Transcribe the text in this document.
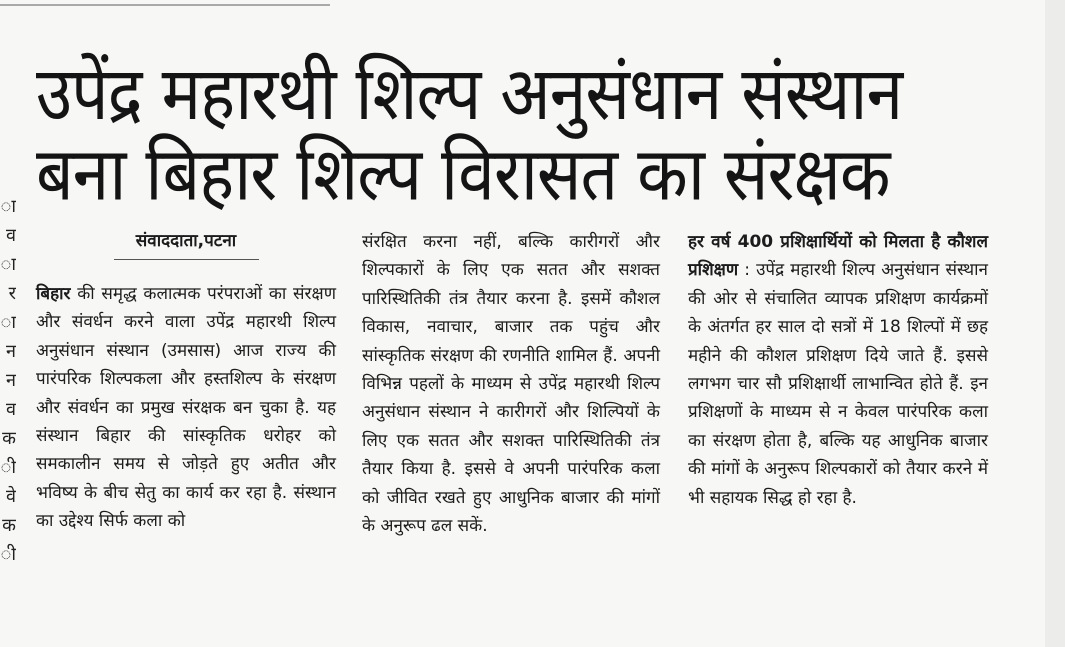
ा
व
ा
र
ा
न
न
व
क
ी
वे
क
ी
उपेंद्र महारथी शिल्प अनुसंधान संस्थान
बना बिहार शिल्प विरासत का संरक्षक
संवाददाता,पटना

बिहार की समृद्ध कलात्मक परंपराओं का संरक्षण और संवर्धन करने वाला उपेंद्र महारथी शिल्प अनुसंधान संस्थान (उमसास) आज राज्य की पारंपरिक शिल्पकला और हस्तशिल्प के संरक्षण और संवर्धन का प्रमुख संरक्षक बन चुका है. यह संस्थान बिहार की सांस्कृतिक धरोहर को समकालीन समय से जोड़ते हुए अतीत और भविष्य के बीच सेतु का कार्य कर रहा है. संस्थान का उद्देश्य सिर्फ कला को

संरक्षित करना नहीं, बल्कि कारीगरों और शिल्पकारों के लिए एक सतत और सशक्त पारिस्थितिकी तंत्र तैयार करना है. इसमें कौशल विकास, नवाचार, बाजार तक पहुंच और सांस्कृतिक संरक्षण की रणनीति शामिल हैं. अपनी विभिन्न पहलों के माध्यम से उपेंद्र महारथी शिल्प अनुसंधान संस्थान ने कारीगरों और शिल्पियों के लिए एक सतत और सशक्त पारिस्थितिकी तंत्र तैयार किया है. इससे वे अपनी पारंपरिक कला को जीवित रखते हुए आधुनिक बाजार की मांगों के अनुरूप ढल सकें.

हर वर्ष 400 प्रशिक्षार्थियों को मिलता है कौशल प्रशिक्षण : उपेंद्र महारथी शिल्प अनुसंधान संस्थान की ओर से संचालित व्यापक प्रशिक्षण कार्यक्रमों के अंतर्गत हर साल दो सत्रों में 18 शिल्पों में छह महीने की कौशल प्रशिक्षण दिये जाते हैं. इससे लगभग चार सौ प्रशिक्षार्थी लाभान्वित होते हैं. इन प्रशिक्षणों के माध्यम से न केवल पारंपरिक कला का संरक्षण होता है, बल्कि यह आधुनिक बाजार की मांगों के अनुरूप शिल्पकारों को तैयार करने में भी सहायक सिद्ध हो रहा है.
